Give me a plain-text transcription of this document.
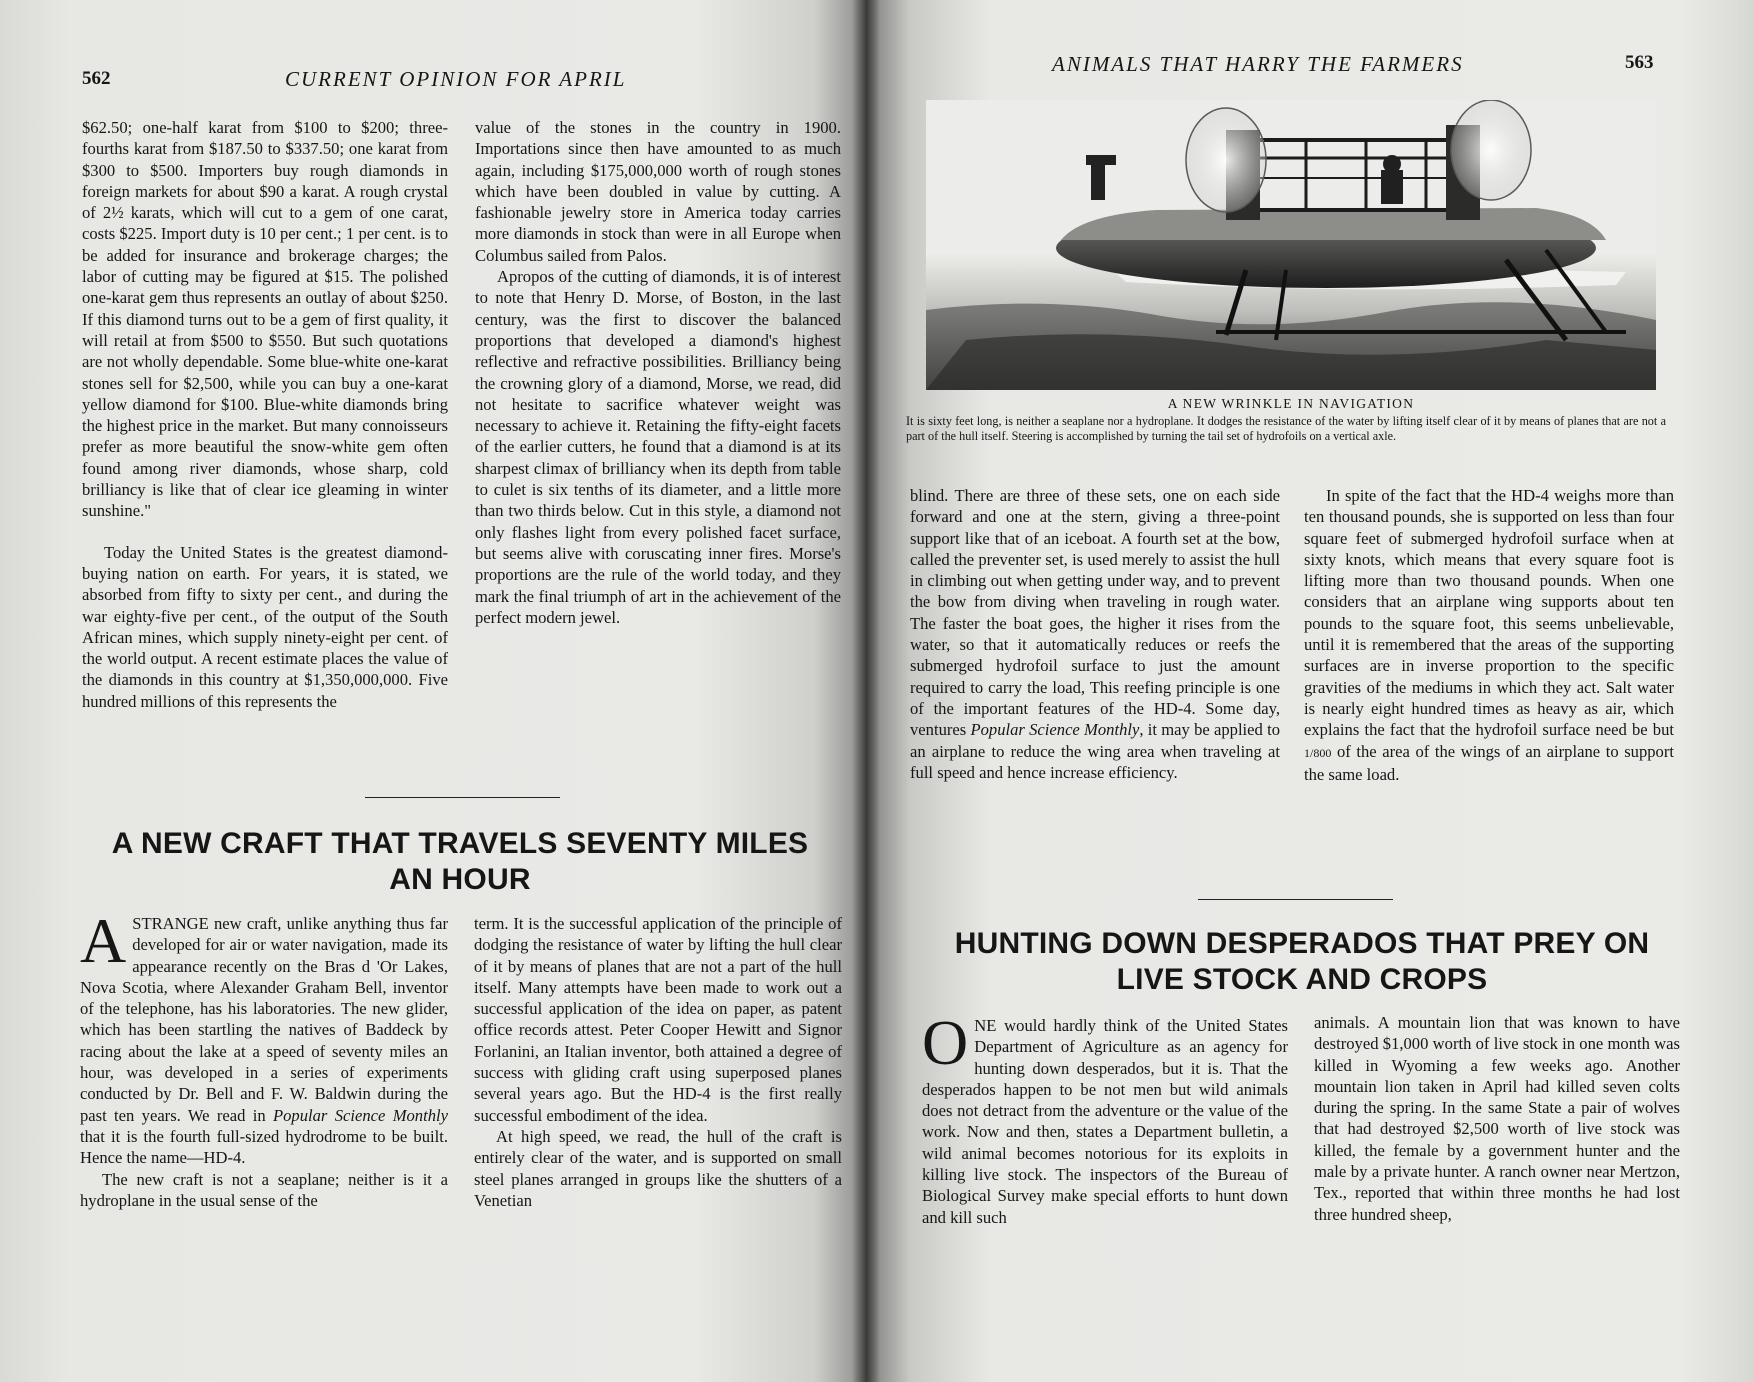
562	CURRENT OPINION FOR APRIL

$62.50; one-half karat from $100 to $200; three-fourths karat from $187.50 to $337.50; one karat from $300 to $500. Importers buy rough diamonds in foreign markets for about $90 a karat. A rough crystal of 2½ karats, which will cut to a gem of one carat, costs $225. Import duty is 10 per cent.; 1 per cent. is to be added for insurance and brokerage charges; the labor of cutting may be figured at $15. The polished one-karat gem thus represents an outlay of about $250. If this diamond turns out to be a gem of first quality, it will retail at from $500 to $550. But such quotations are not wholly dependable. Some blue-white one-karat stones sell for $2,500, while you can buy a one-karat yellow diamond for $100. Blue-white diamonds bring the highest price in the market. But many connoisseurs prefer as more beautiful the snow-white gem often found among river diamonds, whose sharp, cold brilliancy is like that of clear ice gleaming in winter sunshine."

Today the United States is the greatest diamond-buying nation on earth. For years, it is stated, we absorbed from fifty to sixty per cent., and during the war eighty-five per cent., of the output of the South African mines, which supply ninety-eight per cent. of the world output. A recent estimate places the value of the diamonds in this country at $1,350,000,000. Five hundred millions of this represents the

value of the stones in the country in 1900. Importations since then have amounted to as much again, including $175,000,000 worth of rough stones which have been doubled in value by cutting. A fashionable jewelry store in America today carries more diamonds in stock than were in all Europe when Columbus sailed from Palos.

Apropos of the cutting of diamonds, it is of interest to note that Henry D. Morse, of Boston, in the last century, was the first to discover the balanced proportions that developed a diamond's highest reflective and refractive possibilities. Brilliancy being the crowning glory of a diamond, Morse, we read, did not hesitate to sacrifice whatever weight was necessary to achieve it. Retaining the fifty-eight facets of the earlier cutters, he found that a diamond is at its sharpest climax of brilliancy when its depth from table to culet is six tenths of its diameter, and a little more than two thirds below. Cut in this style, a diamond not only flashes light from every polished facet surface, but seems alive with coruscating inner fires. Morse's proportions are the rule of the world today, and they mark the final triumph of art in the achievement of the perfect modern jewel.

A NEW CRAFT THAT TRAVELS SEVENTY MILES
AN HOUR

ASTRANGE new craft, unlike anything thus far developed for air or water navigation, made its appearance recently on the Bras d 'Or Lakes, Nova Scotia, where Alexander Graham Bell, inventor of the telephone, has his laboratories. The new glider, which has been startling the natives of Baddeck by racing about the lake at a speed of seventy miles an hour, was developed in a series of experiments conducted by Dr. Bell and F. W. Baldwin during the past ten years. We read in Popular Science Monthly that it is the fourth full-sized hydrodrome to be built. Hence the name—HD-4.

The new craft is not a seaplane; neither is it a hydroplane in the usual sense of the

term. It is the successful application of the principle of dodging the resistance of water by lifting the hull clear of it by means of planes that are not a part of the hull itself. Many attempts have been made to work out a successful application of the idea on paper, as patent office records attest. Peter Cooper Hewitt and Signor Forlanini, an Italian inventor, both attained a degree of success with gliding craft using superposed planes several years ago. But the HD-4 is the first really successful embodiment of the idea.

At high speed, we read, the hull of the craft is entirely clear of the water, and is supported on small steel planes arranged in groups like the shutters of a Venetian

ANIMALS THAT HARRY THE FARMERS	563
A NEW WRINKLE IN NAVIGATION
It is sixty feet long, is neither a seaplane nor a hydroplane. It dodges the resistance of the water by lifting itself clear of it by means of planes that are not a part of the hull itself. Steering is accomplished by turning the tail set of hydrofoils on a vertical axle.

blind. There are three of these sets, one on each side forward and one at the stern, giving a three-point support like that of an iceboat. A fourth set at the bow, called the preventer set, is used merely to assist the hull in climbing out when getting under way, and to prevent the bow from diving when traveling in rough water. The faster the boat goes, the higher it rises from the water, so that it automatically reduces or reefs the submerged hydrofoil surface to just the amount required to carry the load, This reefing principle is one of the important features of the HD-4. Some day, ventures Popular Science Monthly, it may be applied to an airplane to reduce the wing area when traveling at full speed and hence increase efficiency.

In spite of the fact that the HD-4 weighs more than ten thousand pounds, she is supported on less than four square feet of submerged hydrofoil surface when at sixty knots, which means that every square foot is lifting more than two thousand pounds. When one considers that an airplane wing supports about ten pounds to the square foot, this seems unbelievable, until it is remembered that the areas of the supporting surfaces are in inverse proportion to the specific gravities of the mediums in which they act. Salt water is nearly eight hundred times as heavy as air, which explains the fact that the hydrofoil surface need be but 1/800 of the area of the wings of an airplane to support the same load.

HUNTING DOWN DESPERADOS THAT PREY ON
LIVE STOCK AND CROPS

ONE would hardly think of the United States Department of Agriculture as an agency for hunting down desperados, but it is. That the desperados happen to be not men but wild animals does not detract from the adventure or the value of the work. Now and then, states a Department bulletin, a wild animal becomes notorious for its exploits in killing live stock. The inspectors of the Bureau of Biological Survey make special efforts to hunt down and kill such

animals. A mountain lion that was known to have destroyed $1,000 worth of live stock in one month was killed in Wyoming a few weeks ago. Another mountain lion taken in April had killed seven colts during the spring. In the same State a pair of wolves that had destroyed $2,500 worth of live stock was killed, the female by a government hunter and the male by a private hunter. A ranch owner near Mertzon, Tex., reported that within three months he had lost three hundred sheep,
